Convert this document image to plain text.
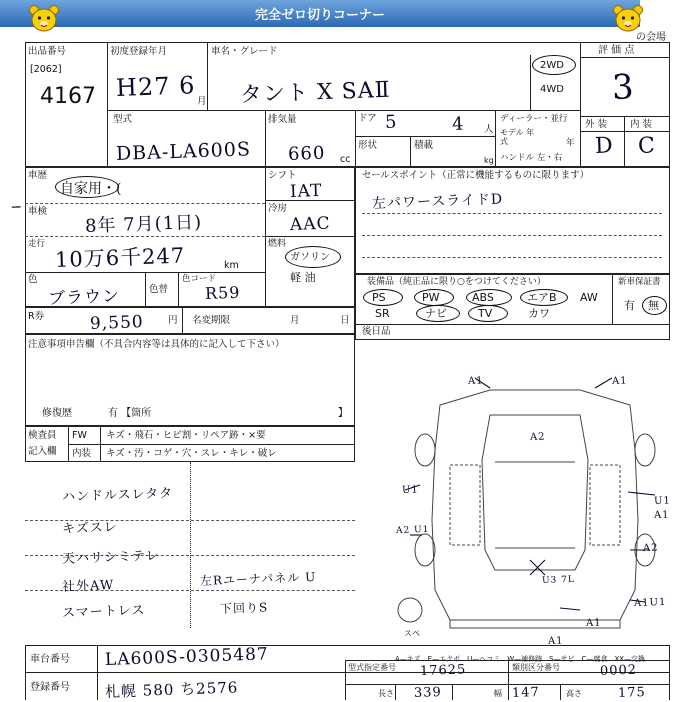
完全ゼロ切りコーナー
の会場
出品番号
[2062]
4167
初度登録年月
H27 6 月
車名・グレード
タント X SAⅡ
2WD
4WD
評 価 点
3
外 装 内 装
D C
型式
DBA-LA600S
排気量
660 cc
ドア 5	4 人
形状	積載
kg
ディーラー・並行
モデル 年式	年
ハンドル 左・右
車歴
自家用・(
車検
8年 7月(1日)
走行 10万6千247	km
色
ブラウン	色替
色コード
R59
シフト
IAT
冷房
AAC
燃料
ガソリン
軽 油
セールスポイント（正常に機能するものに限ります）
左パワースライドD
装備品（純正品に限り○をつけてください）	新車保証書
PS	PW	ABS	エアB AW
SR	ナビ	TV	カワ
有 無
後日品
R券	9,550	円 名変期限	月	日
注意事項申告欄（不具合内容等は具体的に記入して下さい）
修復歴	有 【箇所	】
検査員
記入欄
FW キズ・飛石・ヒビ割・リペア跡・×要
内装 キズ・汚・コゲ・穴・スレ・キレ・破レ
ハンドルスレタタ
キズスレ
天ハリシミテレ
社外AW
スマートレス
左Rユーナパネル U
下回りS
A1	A1
A2
U1
A2 U1
U1
A1
A2
A1U1
A1
U3 7L
A1
スペ
A—キズ　E—エクボ　U—ヘコミ　W—補修跡　S—サビ　C—腐食　XX—交換
車台番号 LA600S-0305487
登録番号 札幌 580 ち2576
型式指定番号 17625	類別区分番号	0002
長さ 339	幅 147	高さ	175
─
